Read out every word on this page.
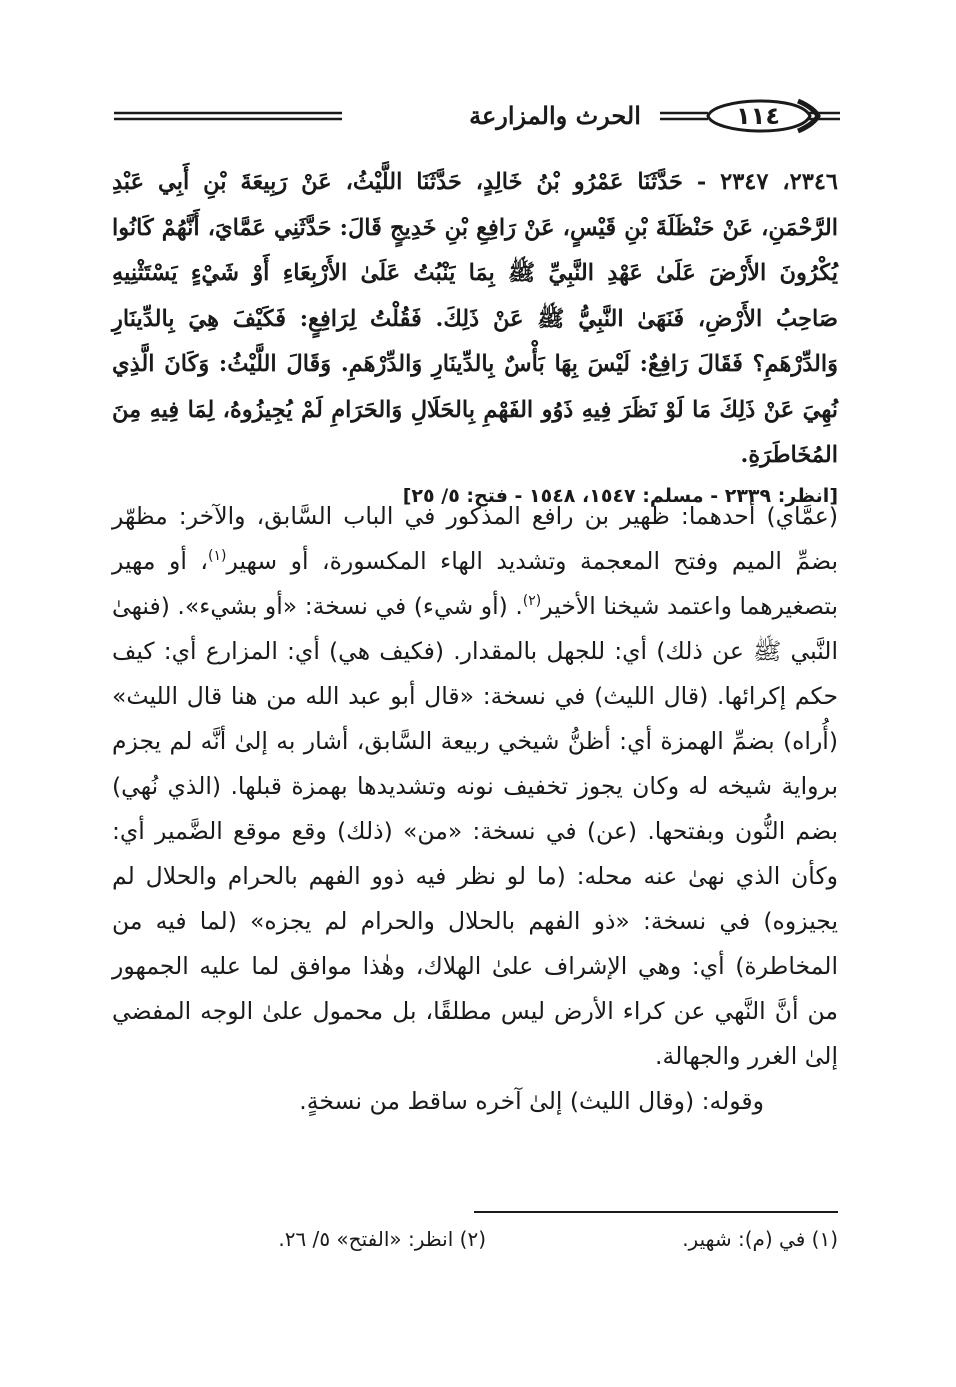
١١٤
الحرث والمزارعة

٢٣٤٦، ٢٣٤٧ - حَدَّثَنَا عَمْرُو بْنُ خَالِدٍ، حَدَّثَنَا اللَّيْثُ، عَنْ رَبِيعَةَ بْنِ أَبِي عَبْدِ الرَّحْمَنِ، عَنْ حَنْظَلَةَ بْنِ قَيْسٍ، عَنْ رَافِعِ بْنِ خَدِيجٍ قَالَ: حَدَّثَنِي عَمَّايَ، أَنَّهُمْ كَانُوا يُكْرُونَ الأَرْضَ عَلَىٰ عَهْدِ النَّبِيِّ ﷺ بِمَا يَنْبُتُ عَلَىٰ الأَرْبِعَاءِ أَوْ شَيْءٍ يَسْتَثْنِيهِ صَاحِبُ الأَرْضِ، فَنَهَىٰ النَّبِيُّ ﷺ عَنْ ذَلِكَ. فَقُلْتُ لِرَافِعٍ: فَكَيْفَ هِيَ بِالدِّينَارِ وَالدِّرْهَمِ؟ فَقَالَ رَافِعٌ: لَيْسَ بِهَا بَأْسٌ بِالدِّينَارِ وَالدِّرْهَمِ. وَقَالَ اللَّيْثُ: وَكَانَ الَّذِي نُهِيَ عَنْ ذَلِكَ مَا لَوْ نَظَرَ فِيهِ ذَوُو الفَهْمِ بِالحَلَالِ وَالحَرَامِ لَمْ يُجِيزُوهُ، لِمَا فِيهِ مِنَ المُخَاطَرَةِ.

[انظر: ٢٣٣٩ - مسلم: ١٥٤٧، ١٥٤٨ - فتح: ٥/ ٢٥]

(عمَّاي) أحدهما: ظهير بن رافع المذكور في الباب السَّابق، والآخر: مظهّر بضمِّ الميم وفتح المعجمة وتشديد الهاء المكسورة، أو سهير$^{(١)}$، أو مهير بتصغيرهما واعتمد شيخنا الأخير$^{(٢)}$. (أو شيء) في نسخة: «أو بشيء». (فنهىٰ النَّبي ﷺ عن ذلك) أي: للجهل بالمقدار. (فكيف هي) أي: المزارع أي: كيف حكم إكرائها. (قال الليث) في نسخة: «قال أبو عبد الله من هنا قال الليث» (أُراه) بضمِّ الهمزة أي: أظنُّ شيخي ربيعة السَّابق، أشار به إلىٰ أنَّه لم يجزم برواية شيخه له وكان يجوز تخفيف نونه وتشديدها بهمزة قبلها. (الذي نُهي) بضم النُّون وبفتحها. (عن) في نسخة: «من» (ذلك) وقع موقع الضَّمير أي: وكأن الذي نهىٰ عنه محله: (ما لو نظر فيه ذوو الفهم بالحرام والحلال لم يجيزوه) في نسخة: «ذو الفهم بالحلال والحرام لم يجزه» (لما فيه من المخاطرة) أي: وهي الإشراف علىٰ الهلاك، وهٰذا موافق لما عليه الجمهور من أنَّ النَّهي عن كراء الأرض ليس مطلقًا، بل محمول علىٰ الوجه المفضي إلىٰ الغرر والجهالة.

وقوله: (وقال الليث) إلىٰ آخره ساقط من نسخةٍ.

(١) في (م): شهير.
(٢) انظر: «الفتح» ٥/ ٢٦.
